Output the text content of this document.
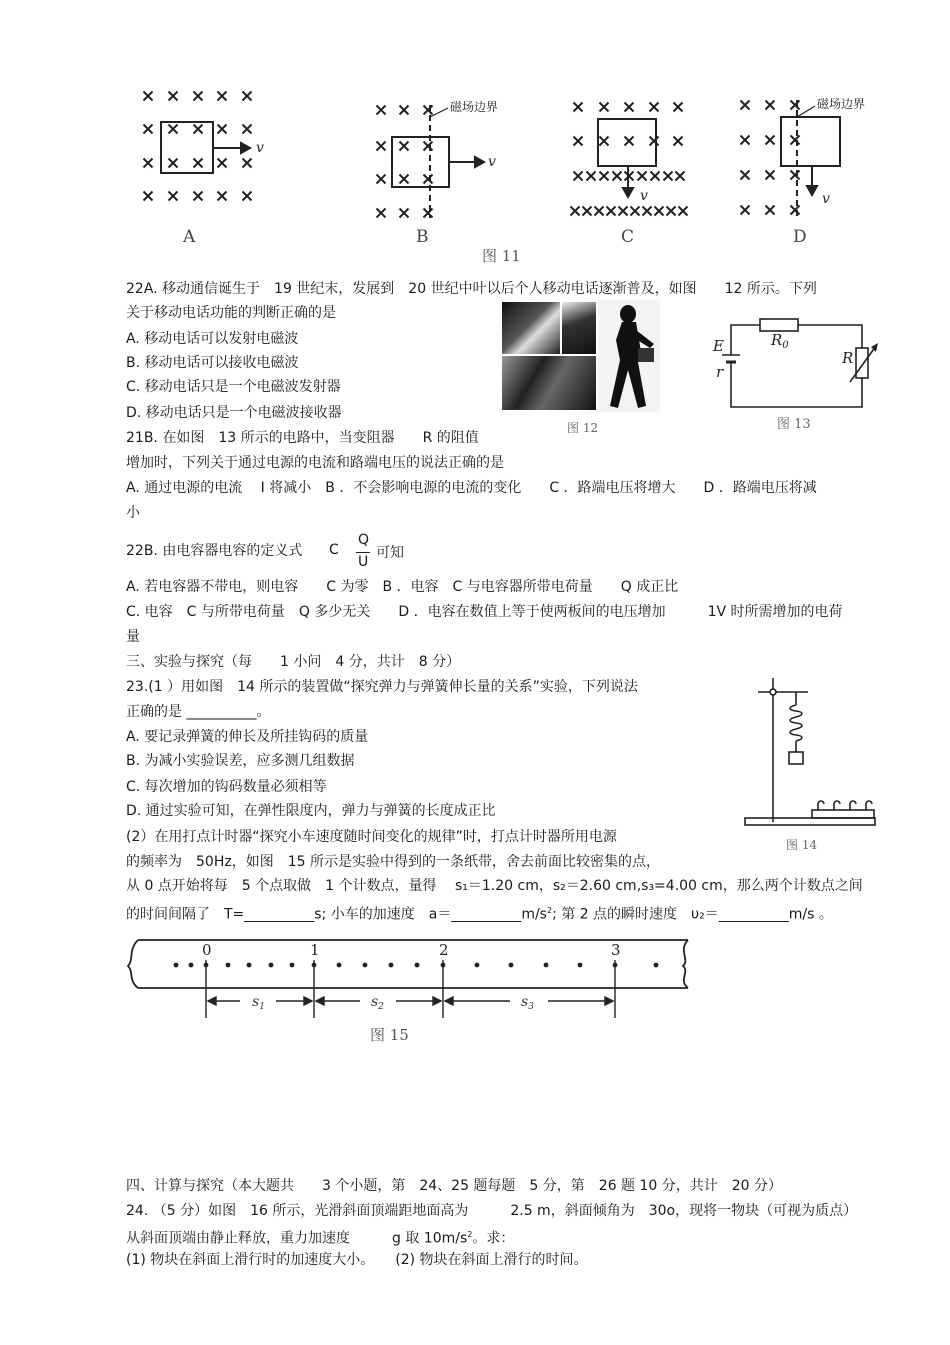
v
v
v	v
磁场边界	磁场边界
A	B	C	D
图 11
22A. 移动通信诞生于　19 世纪末，发展到　20 世纪中叶以后个人移动电话逐渐普及，如图　　12 所示。下列
关于移动电话功能的判断正确的是
A. 移动电话可以发射电磁波
B. 移动电话可以接收电磁波
C. 移动电话只是一个电磁波发射器
D. 移动电话只是一个电磁波接收器
图 12
E
r
$R_0$
R
图 13
21B. 在如图　13 所示的电路中，当变阻器　　R 的阻值
增加时，下列关于通过电源的电流和路端电压的说法正确的是
A. 通过电源的电流　 I 将减小　B ．不会影响电源的电流的变化　　C ．路端电压将增大　　D ．路端电压将减
小
22B. 由电容器电容的定义式 C
Q
U
可知
A. 若电容器不带电，则电容　　C 为零　B ．电容　C 与电容器所带电荷量　　Q 成正比
C. 电容　C 与所带电荷量　Q 多少无关　　D ．电容在数值上等于使两板间的电压增加　　　1V 时所需增加的电荷
量
三、实验与探究（每　　1 小问　4 分，共计　8 分）
23.(1 ）用如图　14 所示的装置做“探究弹力与弹簧伸长量的关系”实验，下列说法
正确的是 __________。
A. 要记录弹簧的伸长及所挂钩码的质量
B. 为减小实验误差，应多测几组数据
C. 每次增加的钩码数量必须相等
D. 通过实验可知，在弹性限度内，弹力与弹簧的长度成正比
(2）在用打点计时器“探究小车速度随时间变化的规律”时，打点计时器所用电源
的频率为　50Hz，如图　15 所示是实验中得到的一条纸带，舍去前面比较密集的点，
从 0 点开始将每　5 个点取做　1 个计数点，量得　 s₁＝1.20 cm，s₂＝2.60 cm,s₃=4.00 cm，那么两个计数点之间
的时间间隔了　T=__________s; 小车的加速度　$a=\_\_\_\_\_\_\_\_\_\_m/s^2$; 第 2 点的瞬时速度　υ₂＝__________m/s 。
图 14
0	1	2	3
$s_1$	$s_2$	$s_3$
图 15
四、计算与探究（本大题共　　3 个小题，第　24、25 题每题　5 分，第　26 题 10 分，共计　20 分）
24. （5 分）如图　16 所示，光滑斜面顶端距地面高为　　　2.5 m，斜面倾角为　30o，现将一物块（可视为质点）
从斜面顶端由静止释放，重力加速度　　　g 取 $10m/s^2$。求：
(1) 物块在斜面上滑行时的加速度大小。　　(2) 物块在斜面上滑行的时间。
